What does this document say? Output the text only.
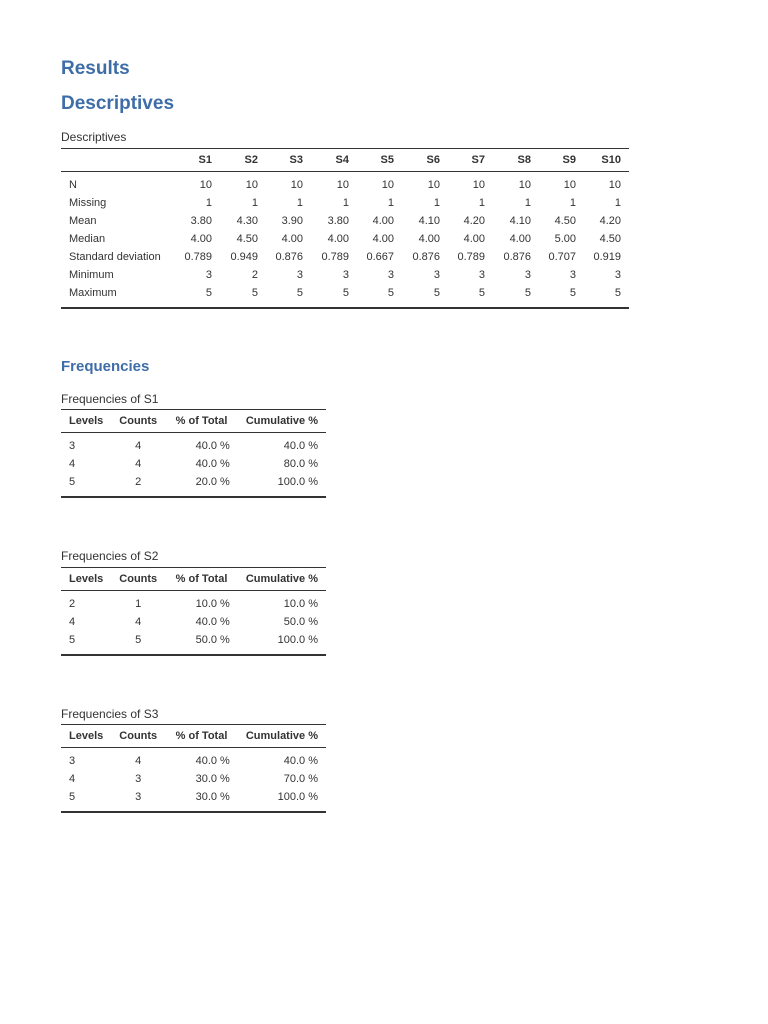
Results
Descriptives
Descriptives
	S1	S2	S3	S4	S5	S6	S7	S8	S9	S10
N	10	10	10	10	10	10	10	10	10	10
Missing	1	1	1	1	1	1	1	1	1	1
Mean	3.80	4.30	3.90	3.80	4.00	4.10	4.20	4.10	4.50	4.20
Median	4.00	4.50	4.00	4.00	4.00	4.00	4.00	4.00	5.00	4.50
Standard deviation	0.789	0.949	0.876	0.789	0.667	0.876	0.789	0.876	0.707	0.919
Minimum	3	2	3	3	3	3	3	3	3	3
Maximum	5	5	5	5	5	5	5	5	5	5
Frequencies
Frequencies of S1
Levels	Counts	% of Total	Cumulative %
3	4	40.0 %	40.0 %
4	4	40.0 %	80.0 %
5	2	20.0 %	100.0 %
Frequencies of S2
Levels	Counts	% of Total	Cumulative %
2	1	10.0 %	10.0 %
4	4	40.0 %	50.0 %
5	5	50.0 %	100.0 %
Frequencies of S3
Levels	Counts	% of Total	Cumulative %
3	4	40.0 %	40.0 %
4	3	30.0 %	70.0 %
5	3	30.0 %	100.0 %
